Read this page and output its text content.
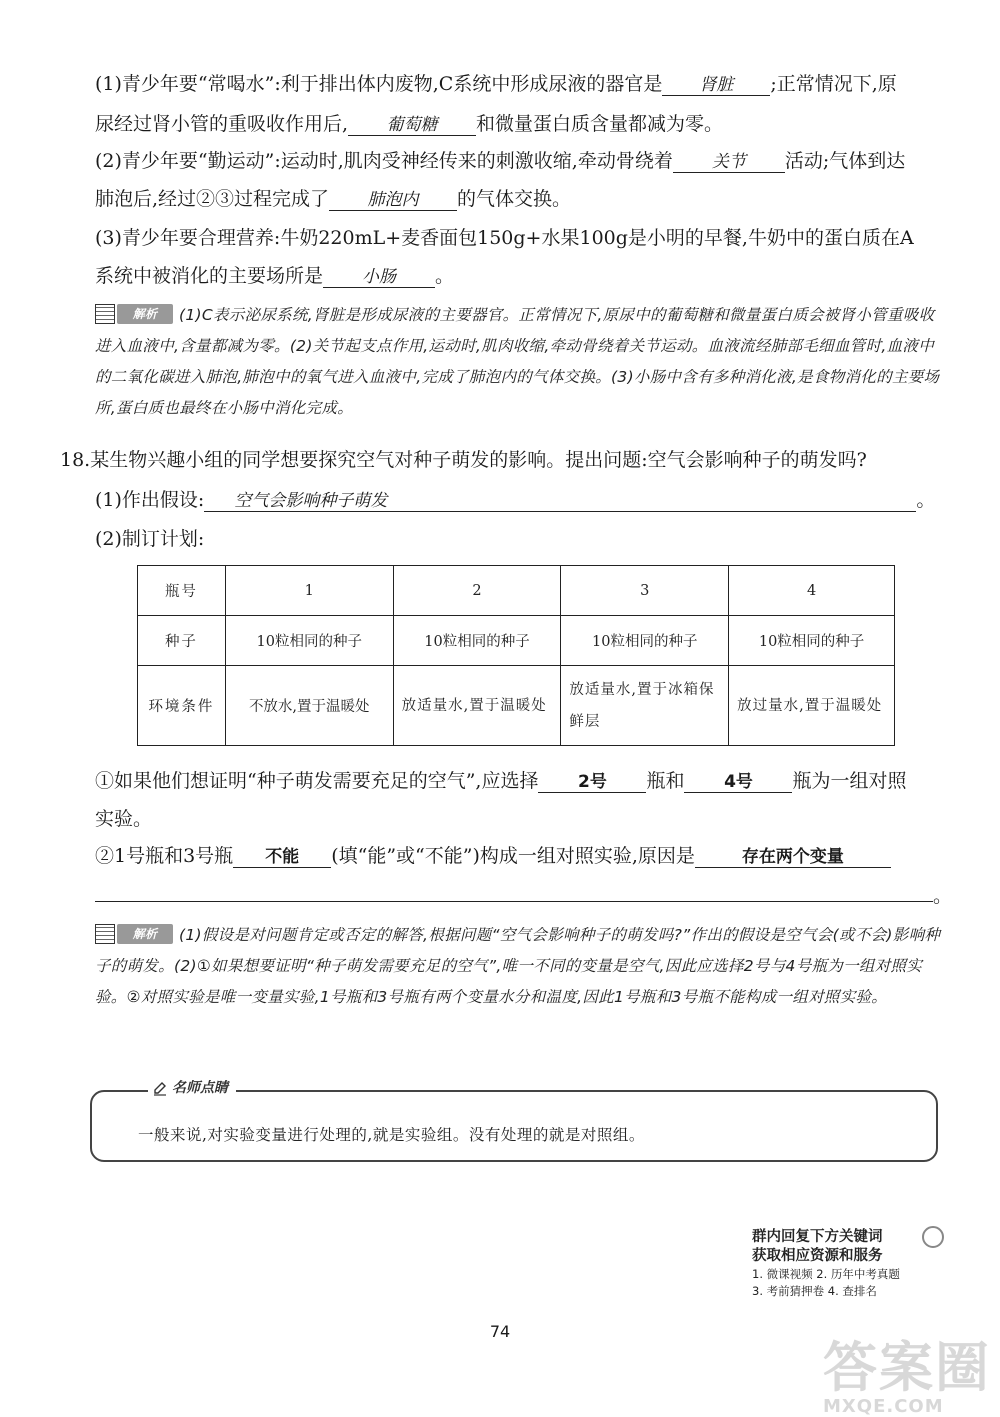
(1)青少年要“常喝水”:利于排出体内废物,C系统中形成尿液的器官是 肾脏 ;正常情况下,原
尿经过肾小管的重吸收作用后, 葡萄糖 和微量蛋白质含量都减为零。
(2)青少年要“勤运动”:运动时,肌肉受神经传来的刺激收缩,牵动骨绕着 关节 活动;气体到达
肺泡后,经过②③过程完成了 肺泡内 的气体交换。
(3)青少年要合理营养:牛奶220mL+麦香面包150g+水果100g是小明的早餐,牛奶中的蛋白质在A
系统中被消化的主要场所是 小肠 。
解析	(1)C表示泌尿系统,肾脏是形成尿液的主要器官。正常情况下,原尿中的葡萄糖和微量蛋白质会被肾小管重吸收进入血液中,含量都减为零。(2)关节起支点作用,运动时,肌肉收缩,牵动骨绕着关节运动。血液流经肺部毛细血管时,血液中的二氧化碳进入肺泡,肺泡中的氧气进入血液中,完成了肺泡内的气体交换。(3)小肠中含有多种消化液,是食物消化的主要场所,蛋白质也最终在小肠中消化完成。
18.某生物兴趣小组的同学想要探究空气对种子萌发的影响。提出问题:空气会影响种子的萌发吗?
(1)作出假设: 空气会影响种子萌发	。
(2)制订计划:
瓶号	1	2	3	4
种子	10粒相同的种子	10粒相同的种子	10粒相同的种子	10粒相同的种子
环境条件	不放水,置于温暖处	放适量水,置于温暖处	放适量水,置于冰箱保鲜层	放过量水,置于温暖处
①如果他们想证明“种子萌发需要充足的空气”,应选择 2号 瓶和 4号 瓶为一组对照
实验。
②1号瓶和3号瓶 不能 (填“能”或“不能”)构成一组对照实验,原因是	存在两个变量
。
解析	(1)假设是对问题肯定或否定的解答,根据问题“空气会影响种子的萌发吗?”作出的假设是空气会(或不会)影响种子的萌发。(2)①如果想要证明“种子萌发需要充足的空气”,唯一不同的变量是空气,因此应选择2号与4号瓶为一组对照实验。②对照实验是唯一变量实验,1号瓶和3号瓶有两个变量水分和温度,因此1号瓶和3号瓶不能构成一组对照实验。
名师点睛
一般来说,对实验变量进行处理的,就是实验组。没有处理的就是对照组。
群内回复下方关键词
获取相应资源和服务
1. 微课视频 2. 历年中考真题
3. 考前猜押卷 4. 查排名
74
答案圈
MXQE.COM
